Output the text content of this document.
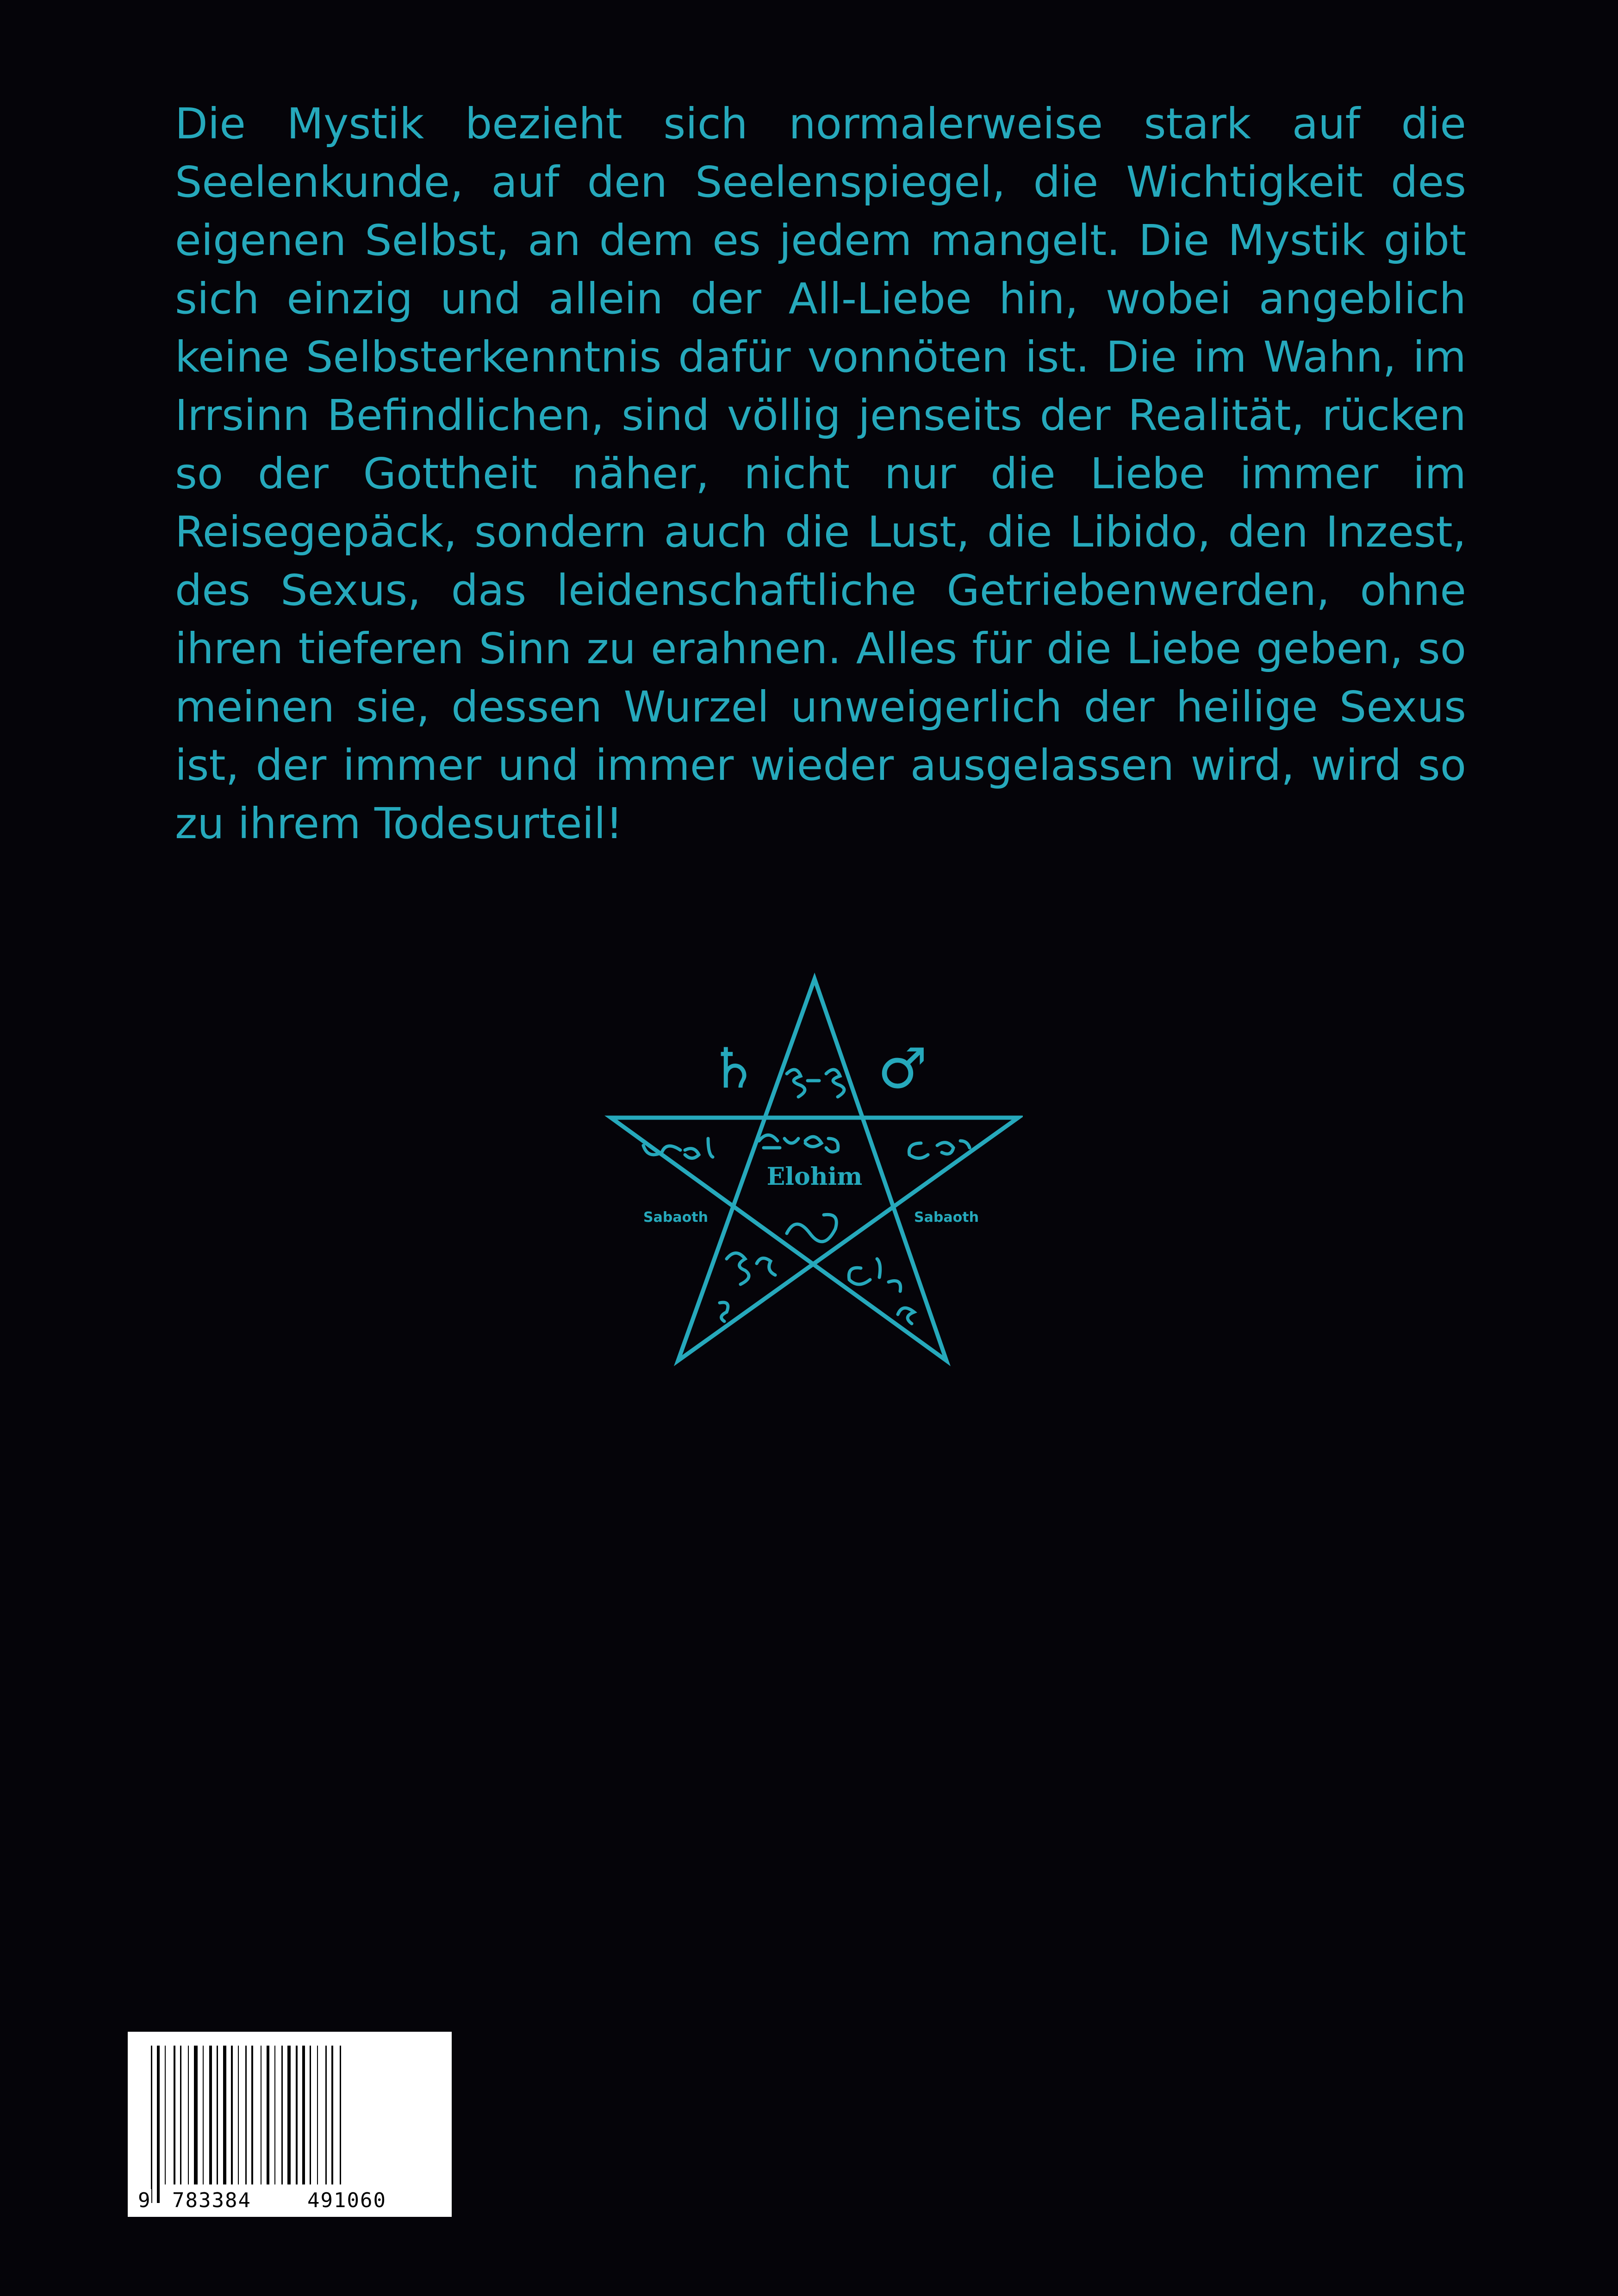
Die Mystik bezieht sich normalerweise stark auf die Seelenkunde, auf den Seelenspiegel, die Wichtigkeit des eigenen Selbst, an dem es jedem mangelt. Die Mystik gibt sich einzig und allein der All-Liebe hin, wobei angeblich keine Selbsterkenntnis dafür vonnöten ist. Die im Wahn, im Irrsinn Befindlichen, sind völlig jenseits der Realität, rücken so der Gottheit näher, nicht nur die Liebe immer im Reisegepäck, sondern auch die Lust, die Libido, den Inzest, des Sexus, das leidenschaftliche Getriebenwerden, ohne ihren tieferen Sinn zu erahnen. Alles für die Liebe geben, so meinen sie, dessen Wurzel unweigerlich der heilige Sexus ist, der immer und immer wieder ausgelassen wird, wird so zu ihrem Todesurteil!

Elohim
Sabaoth	Sabaoth
♄ ♂
9 783384	491060
